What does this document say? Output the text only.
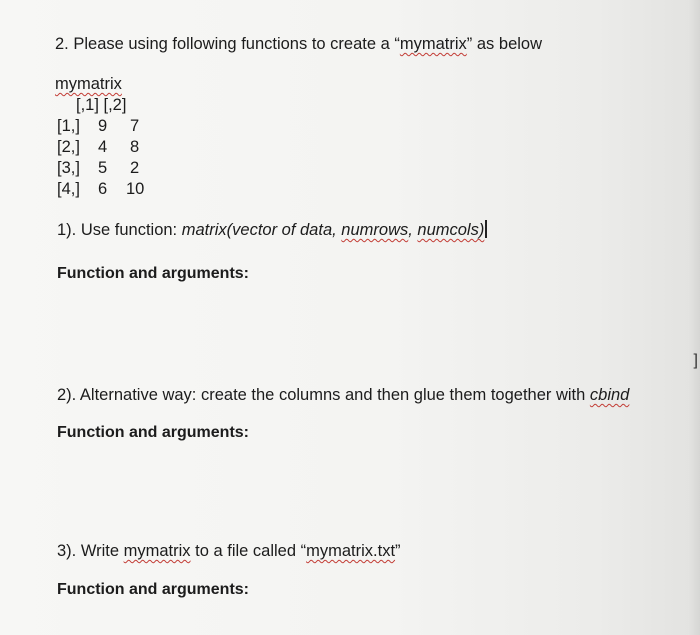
2. Please using following functions to create a “mymatrix” as below
mymatrix
[,1] [,2]
[1,] 9 7
[2,] 4 8
[3,] 5 2
[4,] 6 10
1). Use function: matrix(vector of data, numrows, numcols)
Function and arguments:
2). Alternative way: create the columns and then glue them together with cbind
Function and arguments:
3). Write mymatrix to a file called “mymatrix.txt”
Function and arguments:
]
